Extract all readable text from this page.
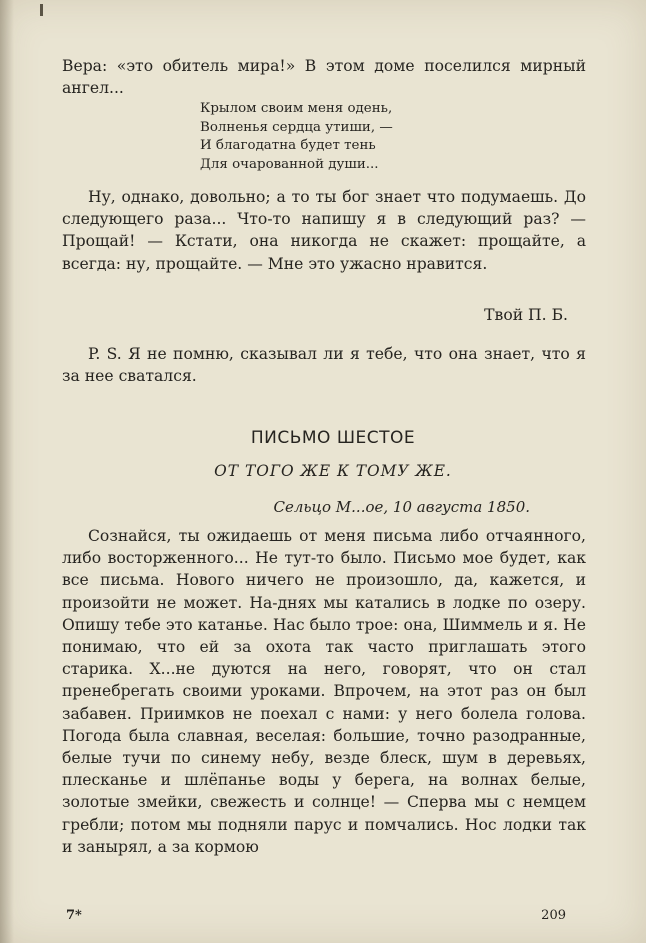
Вера: «это обитель мира!» В этом доме поселился мирный ангел...

Крылом своим меня одень,
Волненья сердца утиши, —
И благодатна будет тень
Для очарованной души...

Ну, однако, довольно; а то ты бог знает что подумаешь. До следующего раза... Что-то напишу я в следующий раз? — Прощай! — Кстати, она никогда не скажет: прощайте, а всегда: ну, прощайте. — Мне это ужасно нравится.

Твой П. Б.

P. S. Я не помню, сказывал ли я тебе, что она знает, что я за нее сватался.

ПИСЬМО ШЕСТОЕ

ОТ ТОГО ЖЕ К ТОМУ ЖЕ.

Сельцо М...ое, 10 августа 1850.

Сознайся, ты ожидаешь от меня письма либо отчаянного, либо восторженного... Не тут-то было. Письмо мое будет, как все письма. Нового ничего не произошло, да, кажется, и произойти не может. На-днях мы катались в лодке по озеру. Опишу тебе это катанье. Нас было трое: она, Шиммель и я. Не понимаю, что ей за охота так часто приглашать этого старика. Х...не дуются на него, говорят, что он стал пренебрегать своими уроками. Впрочем, на этот раз он был забавен. Приимков не поехал с нами: у него болела голова. Погода была славная, веселая: большие, точно разодранные, белые тучи по синему небу, везде блеск, шум в деревьях, плесканье и шлёпанье воды у берега, на волнах белые, золотые змейки, свежесть и солнце! — Сперва мы с немцем гребли; потом мы подняли парус и помчались. Нос лодки так и занырял, а за кормою

7*	209
